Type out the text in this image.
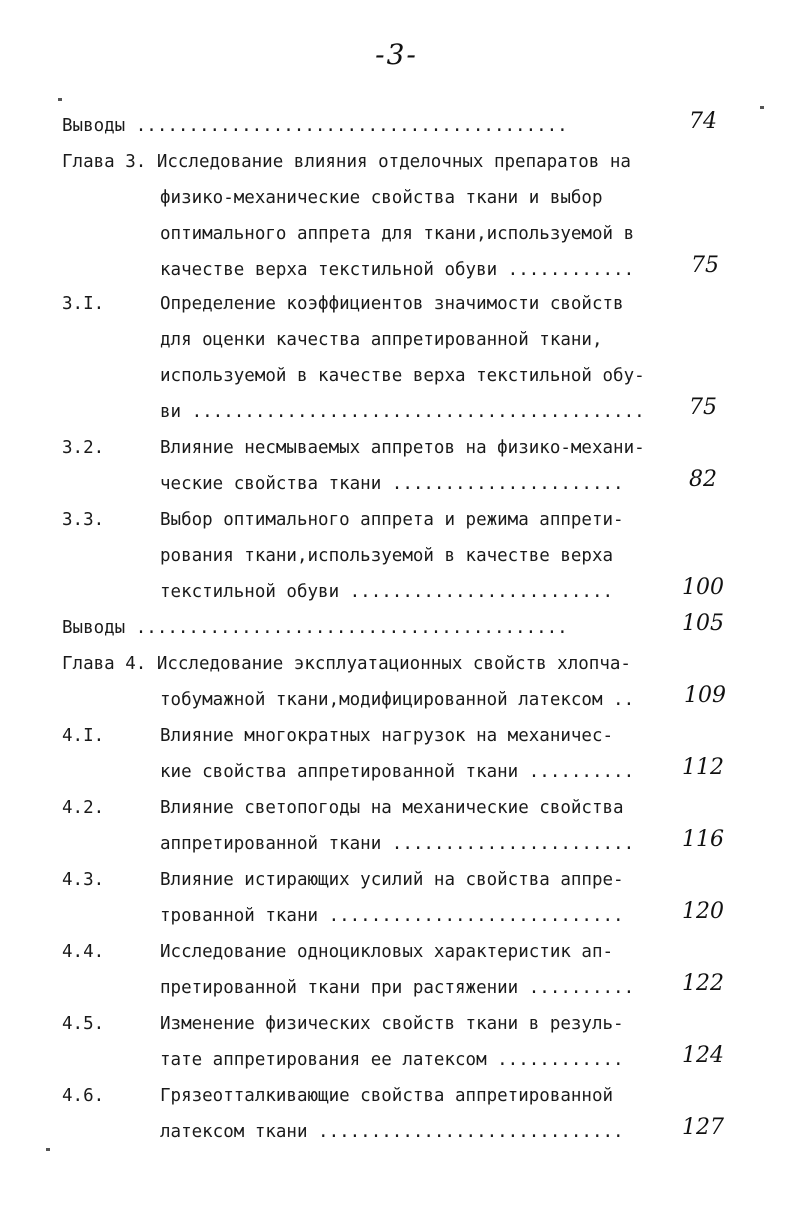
-3-
Выводы .........................................	74
Глава 3. Исследование влияния отделочных препаратов на
физико-механические свойства ткани и выбор
оптимального аппрета для ткани,используемой в
качестве верха текстильной обуви ............	75
3.I.	Определение коэффициентов значимости свойств
для оценки качества аппретированной ткани,
используемой в качестве верха текстильной обу-
ви ...........................................	75
3.2.	Влияние несмываемых аппретов на физико-механи-
ческие свойства ткани ......................	82
3.3.	Выбор оптимального аппрета и режима аппрети-
рования ткани,используемой в качестве верха
текстильной обуви .........................	100
Выводы .........................................	105
Глава 4. Исследование эксплуатационных свойств хлопча-
тобумажной ткани,модифицированной латексом ..	109
4.I.	Влияние многократных нагрузок на механичес-
кие свойства аппретированной ткани ..........	112
4.2.	Влияние светопогоды на механические свойства
аппретированной ткани .......................	116
4.3.	Влияние истирающих усилий на свойства аппре-
трованной ткани ............................	120
4.4.	Исследование одноцикловых характеристик ап-
претированной ткани при растяжении ..........	122
4.5.	Изменение физических свойств ткани в резуль-
тате аппретирования ее латексом ............	124
4.6.	Грязеотталкивающие свойства аппретированной
латексом ткани .............................	127
